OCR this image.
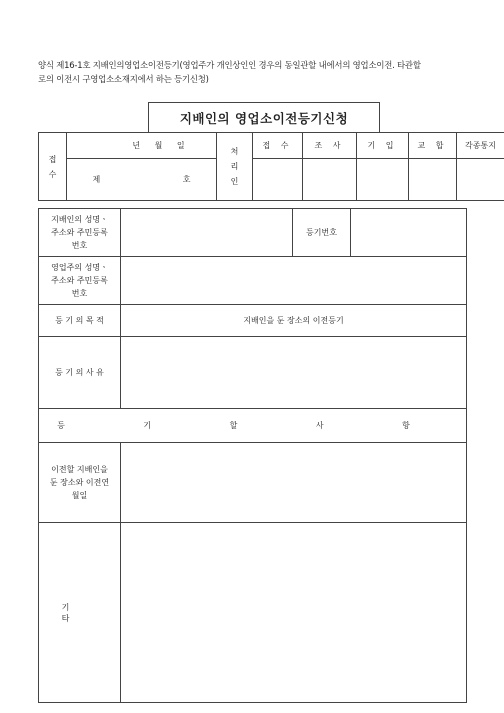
양식 제16-1호 지배인의영업소이전등기(영업주가 개인상인인 경우의 동일관할 내에서의 영업소이전. 타관할
로의 이전시 구영업소소재지에서 하는 등기신청)
지배인의 영업소이전등기신청
접 수	년 월 일	처 리 인	접 수	조 사	기 입	교 합	각종통지
	제 호						
지배인의 성명ㆍ주소와 주민등록번호		등기번호	

영업주의 성명ㆍ주소와 주민등록번호			

등 기 의 목 적	지배인을 둔 장소의 이전등기		
등 기 의 사 유			
등 기 할 사 항			

이전할 지배인을 둔 장소와 이전연월일			

기 타			
